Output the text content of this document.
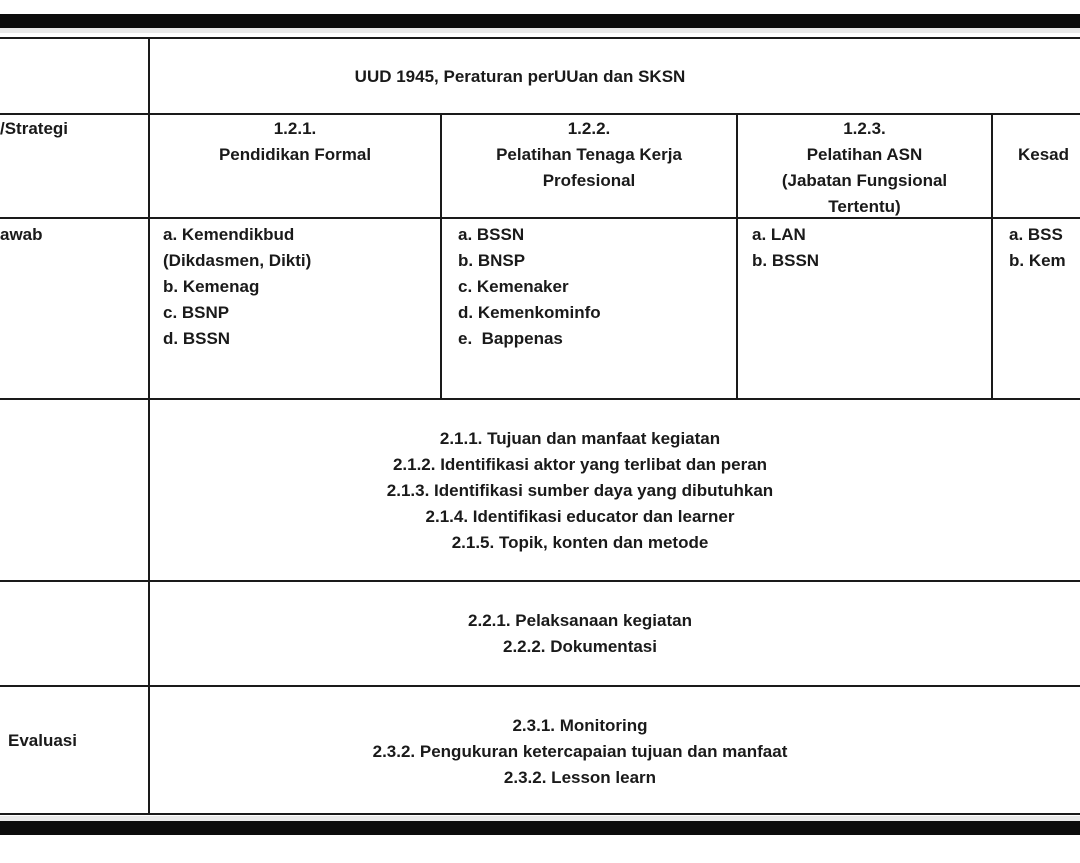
UUD 1945, Peraturan perUUan dan SKSN
/Strategi
awab
Evaluasi
1.2.1.
Pendidikan Formal
1.2.2.
Pelatihan Tenaga Kerja
Profesional
1.2.3.
Pelatihan ASN
(Jabatan Fungsional
Tertentu)
Kesad
a. Kemendikbud
(Dikdasmen, Dikti)
b. Kemenag
c. BSNP
d. BSSN
a. BSSN
b. BNSP
c. Kemenaker
d. Kemenkominfo
e.  Bappenas
a. LAN
b. BSSN
a. BSS
b. Kem
2.1.1. Tujuan dan manfaat kegiatan
2.1.2. Identifikasi aktor yang terlibat dan peran
2.1.3. Identifikasi sumber daya yang dibutuhkan
2.1.4. Identifikasi educator dan learner
2.1.5. Topik, konten dan metode
2.2.1. Pelaksanaan kegiatan
2.2.2. Dokumentasi
2.3.1. Monitoring
2.3.2. Pengukuran ketercapaian tujuan dan manfaat
2.3.2. Lesson learn
